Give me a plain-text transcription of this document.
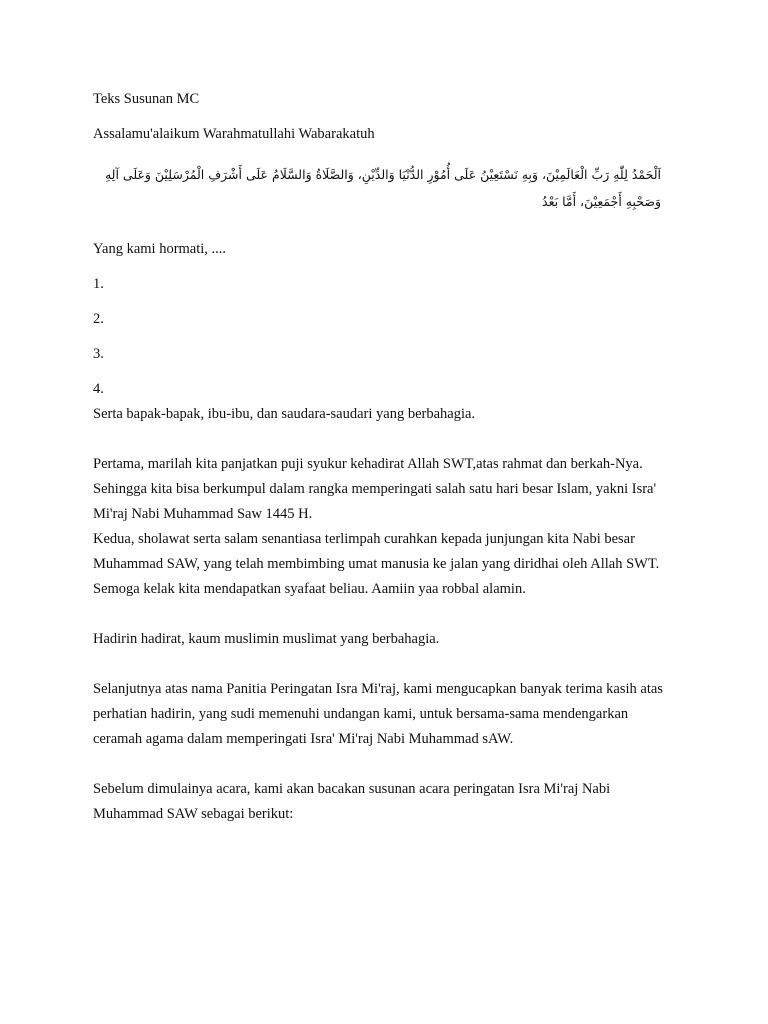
Teks Susunan MC

Assalamu'alaikum Warahmatullahi Wabarakatuh

اَلْحَمْدُ لِلّٰهِ رَبِّ الْعَالَمِيْنَ، وَبِهِ نَسْتَعِيْنُ عَلَى أُمُوْرِ الدُّنْيَا وَالدِّيْنِ، وَالصَّلَاةُ وَالسَّلَامُ عَلَى أَشْرَفِ الْمُرْسَلِيْنَ وَعَلَى آلِهِ وَصَحْبِهِ أَجْمَعِيْنَ، أَمَّا بَعْدُ

Yang kami hormati, ....

1.

2.

3.

4.

Serta bapak-bapak, ibu-ibu, dan saudara-saudari yang berbahagia.

Pertama, marilah kita panjatkan puji syukur kehadirat Allah SWT,atas rahmat dan berkah-Nya. Sehingga kita bisa berkumpul dalam rangka memperingati salah satu hari besar Islam, yakni Isra' Mi'raj Nabi Muhammad Saw 1445 H.

Kedua, sholawat serta salam senantiasa terlimpah curahkan kepada junjungan kita Nabi besar Muhammad SAW, yang telah membimbing umat manusia ke jalan yang diridhai oleh Allah SWT. Semoga kelak kita mendapatkan syafaat beliau. Aamiin yaa robbal alamin.

Hadirin hadirat, kaum muslimin muslimat yang berbahagia.

Selanjutnya atas nama Panitia Peringatan Isra Mi'raj, kami mengucapkan banyak terima kasih atas perhatian hadirin, yang sudi memenuhi undangan kami, untuk bersama-sama mendengarkan ceramah agama dalam memperingati Isra' Mi'raj Nabi Muhammad sAW.

Sebelum dimulainya acara, kami akan bacakan susunan acara peringatan Isra Mi'raj Nabi Muhammad SAW sebagai berikut:
